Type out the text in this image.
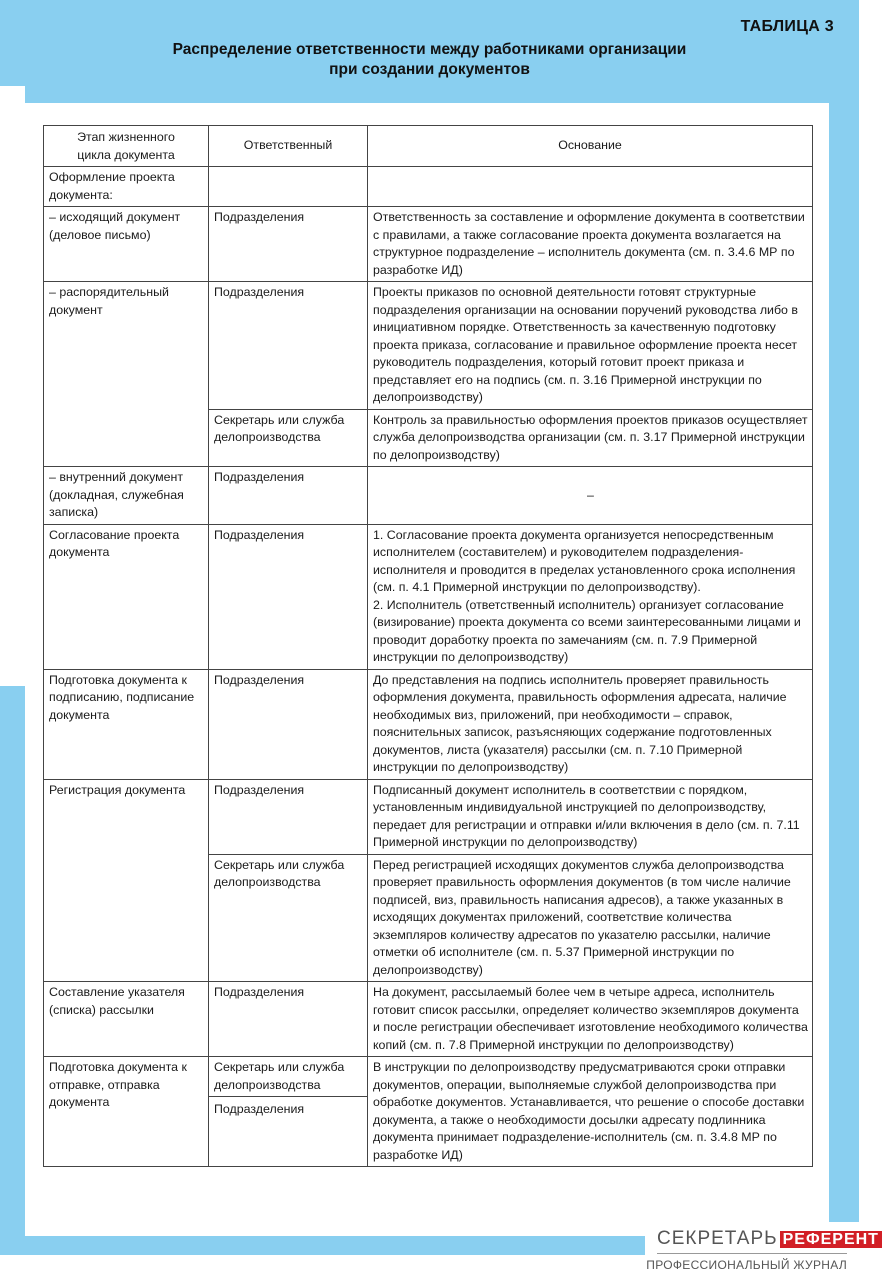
ТАБЛИЦА 3
Распределение ответственности между работниками организации
при создании документов
Этап жизненного цикла документа	Ответственный	Основание
Оформление проекта документа:		
– исходящий документ (деловое письмо)	Подразделения	Ответственность за составление и оформление документа в соответствии с правилами, а также согласование проекта документа возлагается на структурное подразделение – исполнитель документа (см. п. 3.4.6 МР по разработке ИД)
– распорядительный документ	Подразделения	Проекты приказов по основной деятельности готовят структурные подразделения организации на основании поручений руководства либо в инициативном порядке. Ответственность за качественную подготовку проекта приказа, согласование и правильное оформление проекта несет руководитель подразделения, который готовит проект приказа и представляет его на подпись (см. п. 3.16 Примерной инструкции по делопроизводству)
	Секретарь или служба делопроизводства	Контроль за правильностью оформления проектов приказов осуществляет служба делопроизводства организации (см. п. 3.17 Примерной инструкции по делопроизводству)
– внутренний документ (докладная, служебная записка)	Подразделения	–
Согласование проекта документа	Подразделения	1. Согласование проекта документа организуется непосредственным исполнителем (составителем) и руководителем подразделения-исполнителя и проводится в пределах установленного срока исполнения (см. п. 4.1 Примерной инструкции по делопроизводству).
2. Исполнитель (ответственный исполнитель) организует согласование (визирование) проекта документа со всеми заинтересованными лицами и проводит доработку проекта по замечаниям (см. п. 7.9 Примерной инструкции по делопроизводству)

Подготовка документа к подписанию, подписание документа	Подразделения	До представления на подпись исполнитель проверяет правильность оформления документа, правильность оформления адресата, наличие необходимых виз, приложений, при необходимости – справок, пояснительных записок, разъясняющих содержание подготовленных документов, листа (указателя) рассылки (см. п. 7.10 Примерной инструкции по делопроизводству)
Регистрация документа	Подразделения	Подписанный документ исполнитель в соответствии с порядком, установленным индивидуальной инструкцией по делопроизводству, передает для регистрации и отправки и/или включения в дело (см. п. 7.11 Примерной инструкции по делопроизводству)
	Секретарь или служба делопроизводства	Перед регистрацией исходящих документов служба делопроизводства проверяет правильность оформления документов (в том числе наличие подписей, виз, правильность написания адресов), а также указанных в исходящих документах приложений, соответствие количества экземпляров количеству адресатов по указателю рассылки, наличие отметки об исполнителе (см. п. 5.37 Примерной инструкции по делопроизводству)
Составление указателя (списка) рассылки	Подразделения	На документ, рассылаемый более чем в четыре адреса, исполнитель готовит список рассылки, определяет количество экземпляров документа и после регистрации обеспечивает изготовление необходимого количества копий (см. п. 7.8 Примерной инструкции по делопроизводству)
Подготовка документа к отправке, отправка документа	Секретарь или служба делопроизводства
Подразделения	В инструкции по делопроизводству предусматриваются сроки отправки документов, операции, выполняемые службой делопроизводства при обработке документов. Устанавливается, что решение о способе доставки документа, а также о необходимости досылки адресату подлинника документа принимает подразделение-исполнитель (см. п. 3.4.8 МР по разработке ИД)
СЕКРЕТАРЬ РЕФЕРЕНТ
ПРОФЕССИОНАЛЬНЫЙ ЖУРНАЛ
